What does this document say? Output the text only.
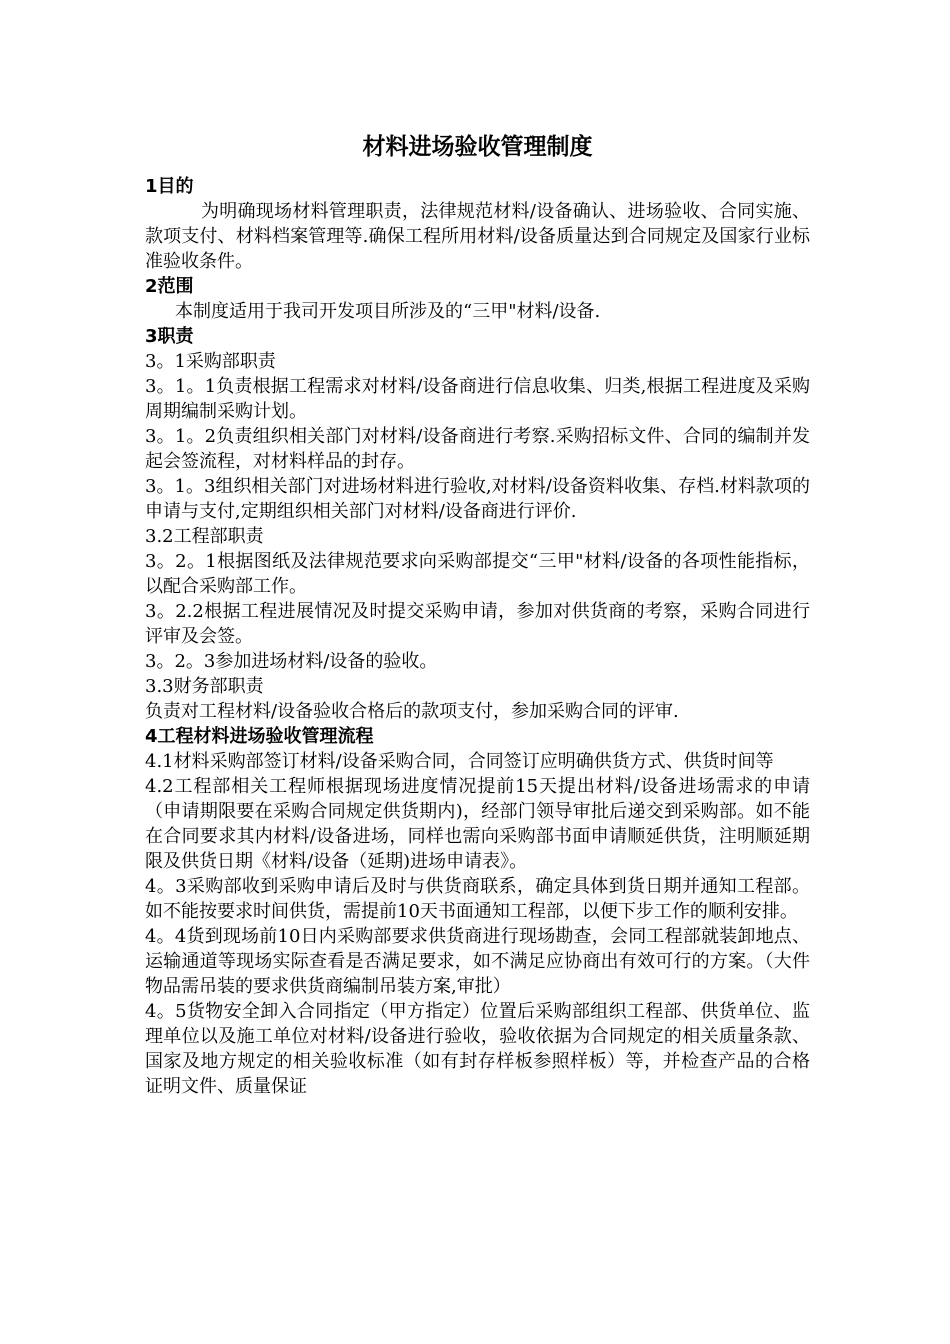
材料进场验收管理制度

1目的

为明确现场材料管理职责，法律规范材料/设备确认、进场验收、合同实施、款项支付、材料档案管理等.确保工程所用材料/设备质量达到合同规定及国家行业标准验收条件。

2范围

本制度适用于我司开发项目所涉及的“三甲"材料/设备.

3职责

3。1采购部职责

3。1。1负责根据工程需求对材料/设备商进行信息收集、归类,根据工程进度及采购周期编制采购计划。

3。1。2负责组织相关部门对材料/设备商进行考察.采购招标文件、合同的编制并发起会签流程，对材料样品的封存。

3。1。3组织相关部门对进场材料进行验收,对材料/设备资料收集、存档.材料款项的申请与支付,定期组织相关部门对材料/设备商进行评价.

3.2工程部职责

3。2。1根据图纸及法律规范要求向采购部提交“三甲"材料/设备的各项性能指标，以配合采购部工作。

3。2.2根据工程进展情况及时提交采购申请，参加对供货商的考察，采购合同进行评审及会签。

3。2。3参加进场材料/设备的验收。

3.3财务部职责

负责对工程材料/设备验收合格后的款项支付，参加采购合同的评审.

4工程材料进场验收管理流程

4.1材料采购部签订材料/设备采购合同，合同签订应明确供货方式、供货时间等

4.2工程部相关工程师根据现场进度情况提前15天提出材料/设备进场需求的申请（申请期限要在采购合同规定供货期内)，经部门领导审批后递交到采购部。如不能在合同要求其内材料/设备进场，同样也需向采购部书面申请顺延供货，注明顺延期限及供货日期《材料/设备（延期)进场申请表》。

4。3采购部收到采购申请后及时与供货商联系，确定具体到货日期并通知工程部。如不能按要求时间供货，需提前10天书面通知工程部，以便下步工作的顺利安排。

4。4货到现场前10日内采购部要求供货商进行现场勘查，会同工程部就装卸地点、运输通道等现场实际查看是否满足要求，如不满足应协商出有效可行的方案。（大件物品需吊装的要求供货商编制吊装方案,审批）

4。5货物安全卸入合同指定（甲方指定）位置后采购部组织工程部、供货单位、监理单位以及施工单位对材料/设备进行验收，验收依据为合同规定的相关质量条款、国家及地方规定的相关验收标准（如有封存样板参照样板）等，并检查产品的合格证明文件、质量保证
